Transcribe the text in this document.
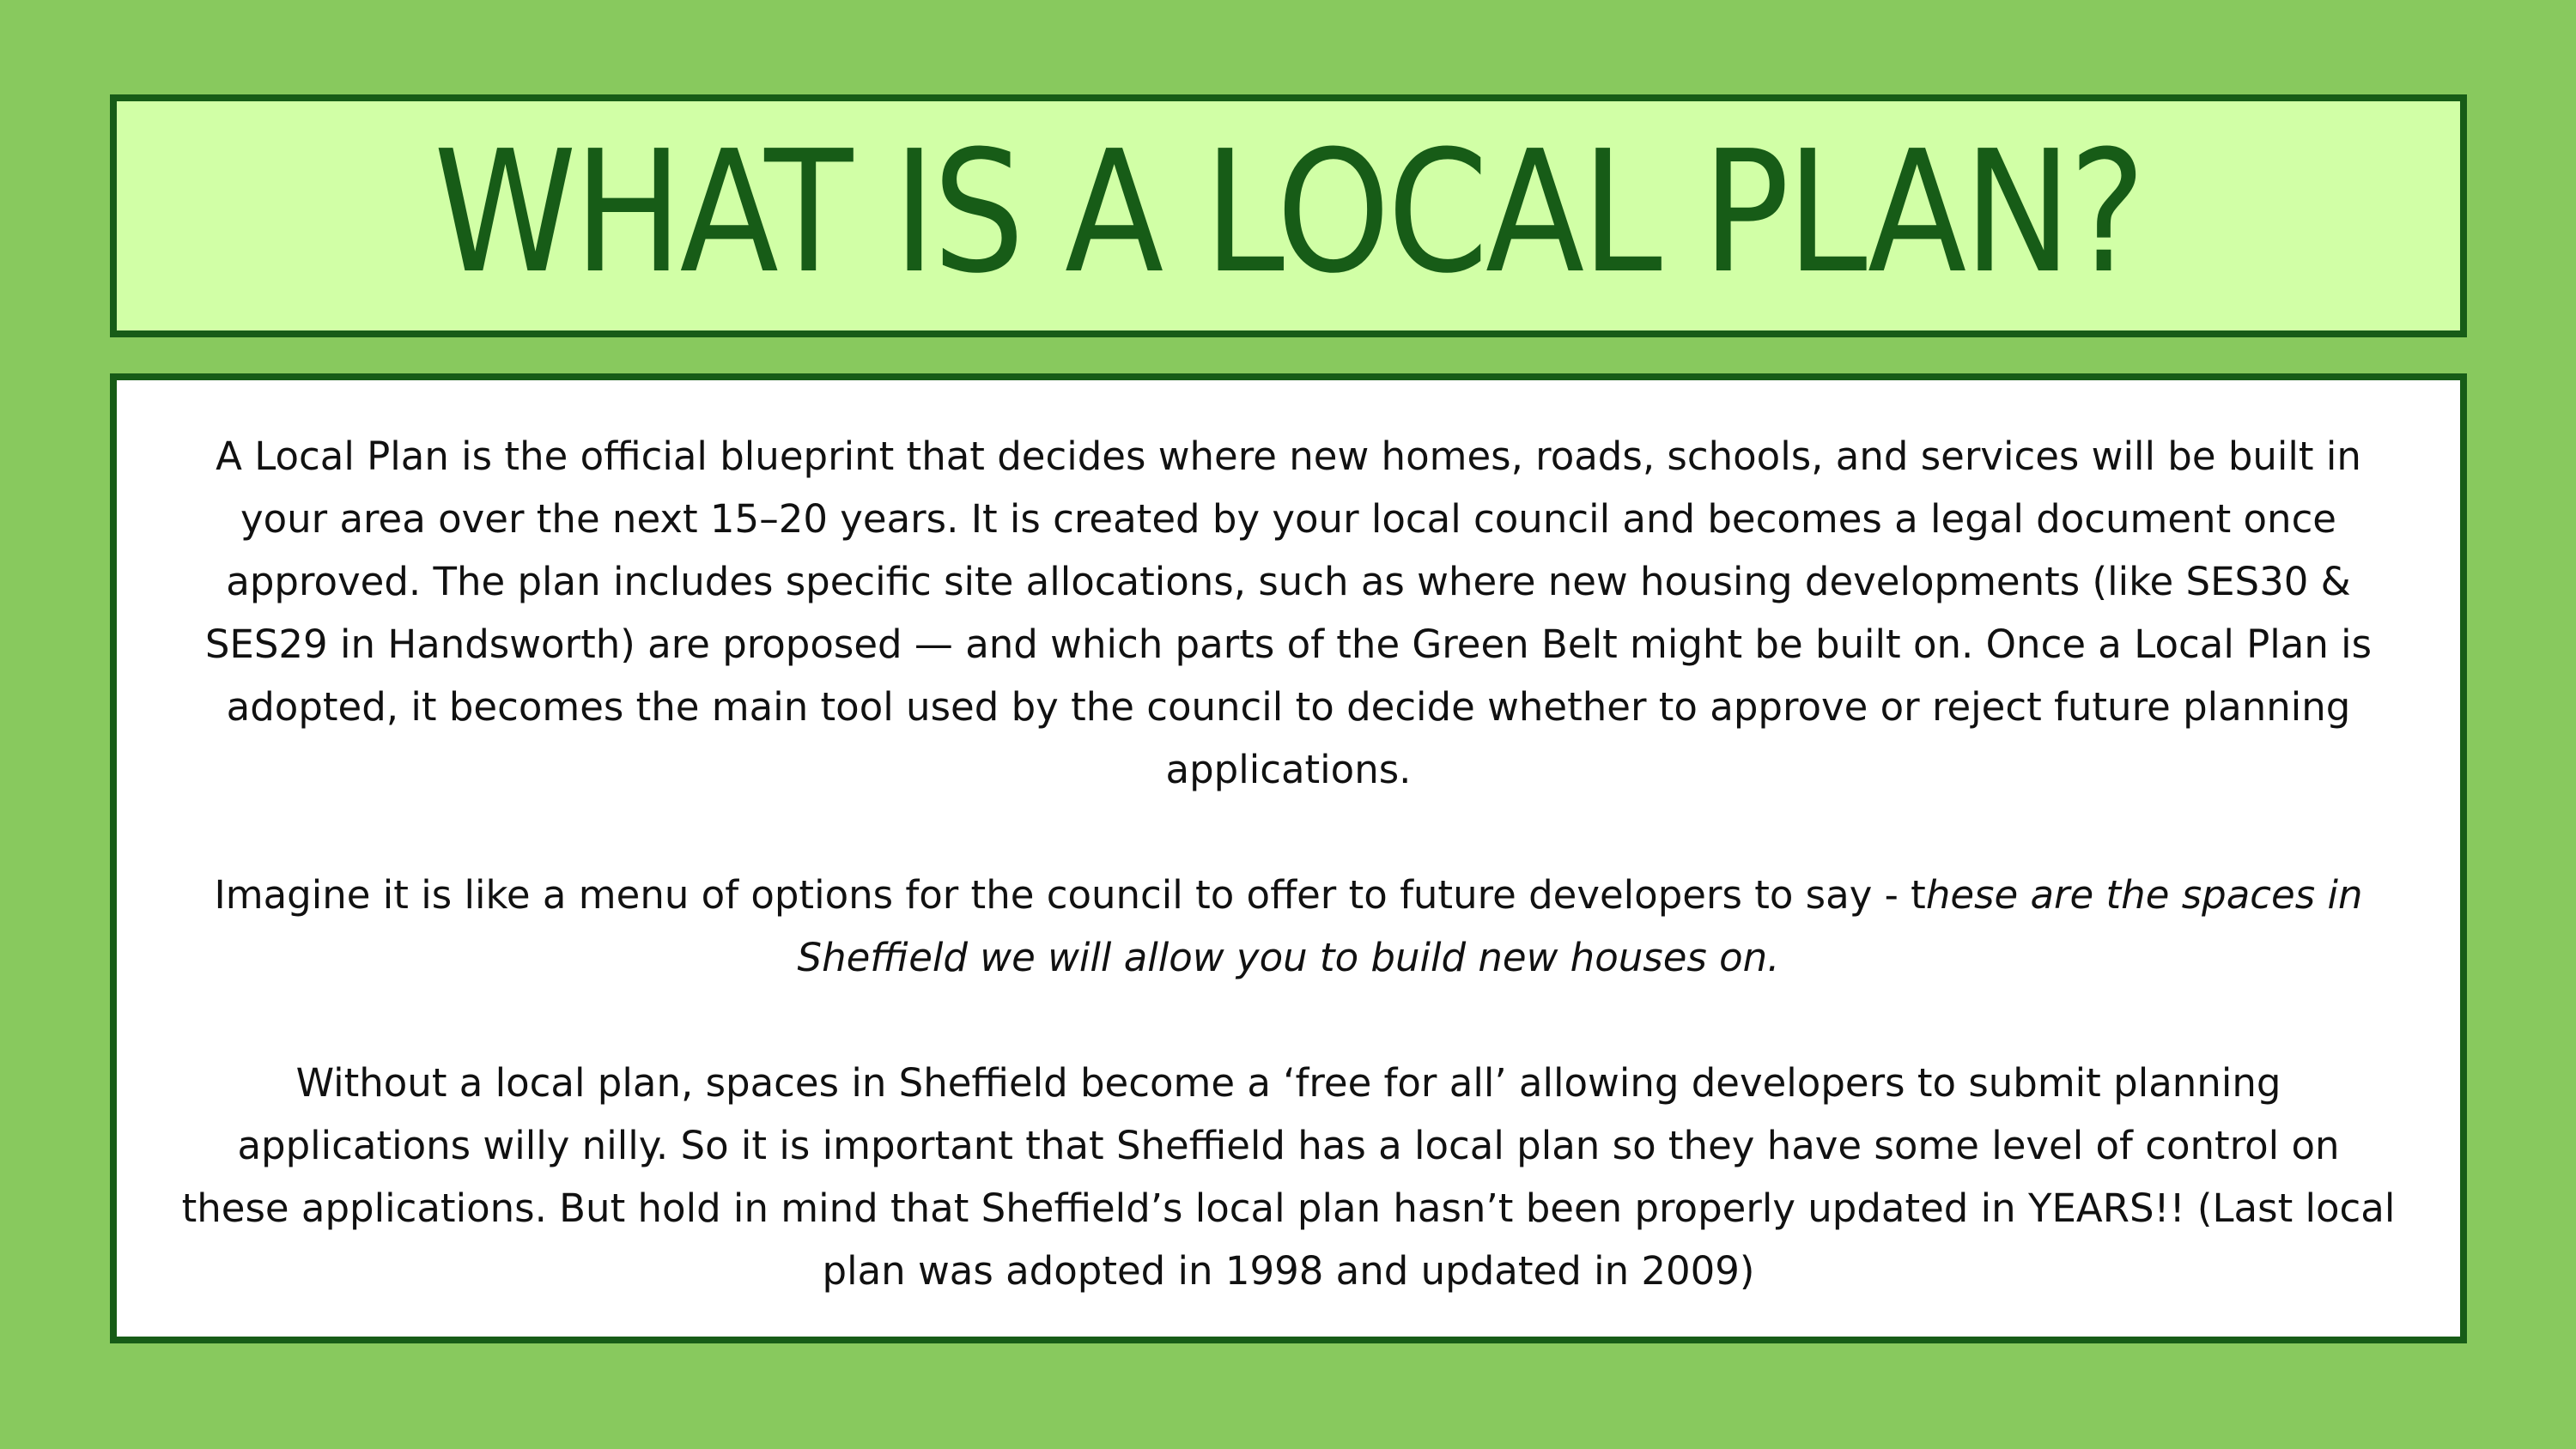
WHAT IS A LOCAL PLAN?

A Local Plan is the official blueprint that decides where new homes, roads, schools, and services will be built in your area over the next 15–20 years. It is created by your local council and becomes a legal document once approved. The plan includes specific site allocations, such as where new housing developments (like SES30 & SES29 in Handsworth) are proposed — and which parts of the Green Belt might be built on. Once a Local Plan is adopted, it becomes the main tool used by the council to decide whether to approve or reject future planning applications.

Imagine it is like a menu of options for the council to offer to future developers to say - these are the spaces in Sheffield we will allow you to build new houses on.

Without a local plan, spaces in Sheffield become a ‘free for all’ allowing developers to submit planning applications willy nilly. So it is important that Sheffield has a local plan so they have some level of control on these applications. But hold in mind that Sheffield’s local plan hasn’t been properly updated in YEARS!! (Last local plan was adopted in 1998 and updated in 2009)
